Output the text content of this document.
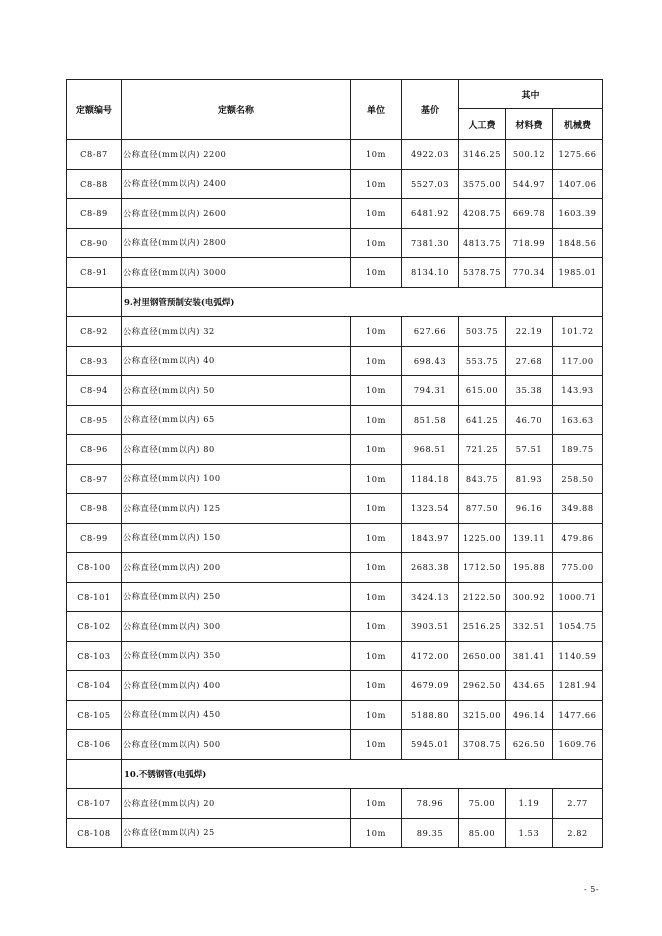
定额编号	定额名称	单位	基价	其中		
				人工费	材料费	机械费
C8-87	公称直径(mm以内) 2200	10m	4922.03	3146.25	500.12	1275.66
C8-88	公称直径(mm以内) 2400	10m	5527.03	3575.00	544.97	1407.06
C8-89	公称直径(mm以内) 2600	10m	6481.92	4208.75	669.78	1603.39
C8-90	公称直径(mm以内) 2800	10m	7381.30	4813.75	718.99	1848.56
C8-91	公称直径(mm以内) 3000	10m	8134.10	5378.75	770.34	1985.01
	9.衬里钢管预制安装(电弧焊)					
C8-92	公称直径(mm以内) 32	10m	627.66	503.75	22.19	101.72
C8-93	公称直径(mm以内) 40	10m	698.43	553.75	27.68	117.00
C8-94	公称直径(mm以内) 50	10m	794.31	615.00	35.38	143.93
C8-95	公称直径(mm以内) 65	10m	851.58	641.25	46.70	163.63
C8-96	公称直径(mm以内) 80	10m	968.51	721.25	57.51	189.75
C8-97	公称直径(mm以内) 100	10m	1184.18	843.75	81.93	258.50
C8-98	公称直径(mm以内) 125	10m	1323.54	877.50	96.16	349.88
C8-99	公称直径(mm以内) 150	10m	1843.97	1225.00	139.11	479.86
C8-100	公称直径(mm以内) 200	10m	2683.38	1712.50	195.88	775.00
C8-101	公称直径(mm以内) 250	10m	3424.13	2122.50	300.92	1000.71
C8-102	公称直径(mm以内) 300	10m	3903.51	2516.25	332.51	1054.75
C8-103	公称直径(mm以内) 350	10m	4172.00	2650.00	381.41	1140.59
C8-104	公称直径(mm以内) 400	10m	4679.09	2962.50	434.65	1281.94
C8-105	公称直径(mm以内) 450	10m	5188.80	3215.00	496.14	1477.66
C8-106	公称直径(mm以内) 500	10m	5945.01	3708.75	626.50	1609.76
	10.不锈钢管(电弧焊)					
C8-107	公称直径(mm以内) 20	10m	78.96	75.00	1.19	2.77
C8-108	公称直径(mm以内) 25	10m	89.35	85.00	1.53	2.82
- 5-
